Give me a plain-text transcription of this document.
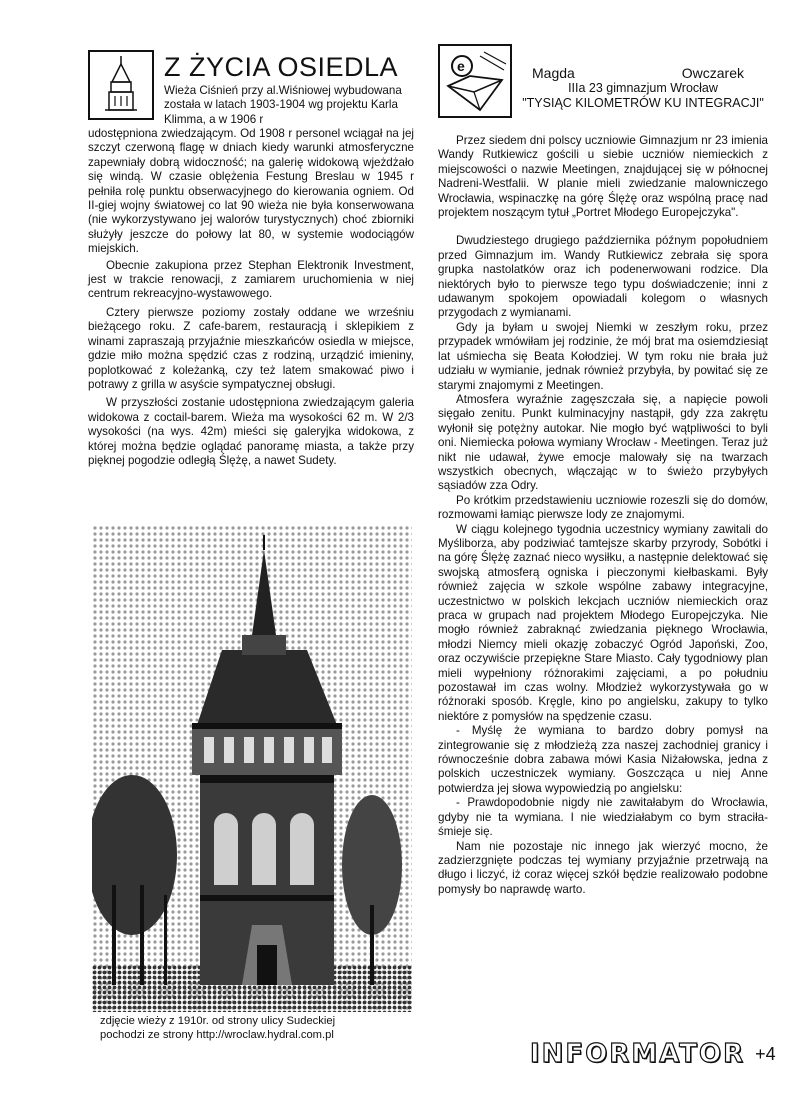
Z ŻYCIA OSIEDLA
Wieża Ciśnień przy al.Wiśniowej wybudowana została w latach 1903-1904 wg projektu Karla Klimma, a w 1906 r

udostępniona zwiedzającym. Od 1908 r personel wciągał na jej szczyt czerwoną flagę w dniach kiedy warunki atmosferyczne zapewniały dobrą widoczność; na galerię widokową wjeżdżało się windą. W czasie oblężenia Festung Breslau w 1945 r pełniła rolę punktu obserwacyjnego do kierowania ogniem. Od II-giej wojny światowej co lat 90 wieża nie była konserwowana (nie wykorzystywano jej walorów turystycznych) choć zbiorniki służyły jeszcze do połowy lat 80, w systemie wodociągów miejskich.

Obecnie zakupiona przez Stephan Elektronik Investment, jest w trakcie renowacji, z zamiarem uruchomienia w niej centrum rekreacyjno-wystawowego.

Cztery pierwsze poziomy zostały oddane we wrześniu bieżącego roku. Z cafe-barem, restauracją i sklepikiem z winami zapraszają przyjaźnie mieszkańców osiedla w miejsce, gdzie miło można spędzić czas z rodziną, urządzić imieniny, poplotkować z koleżanką, czy też latem smakować piwo i potrawy z grilla w asyście sympatycznej obsługi.

W przyszłości zostanie udostępniona zwiedzającym galeria widokowa z coctail-barem. Wieża ma wysokości 62 m. W 2/3 wysokości (na wys. 42m) mieści się galeryjka widokowa, z której można będzie oglądać panoramę miasta, a także przy pięknej pogodzie odległą Ślężę, a nawet Sudety.

zdjęcie wieży z 1910r. od strony ulicy Sudeckiej
pochodzi ze strony http://wroclaw.hydral.com.pl
e	Magda	Owczarek
IIIa 23 gimnazjum Wrocław
"TYSIĄC KILOMETRÓW KU INTEGRACJI"

Przez siedem dni polscy uczniowie Gimnazjum nr 23 imienia Wandy Rutkiewicz gościli u siebie uczniów niemieckich z miejscowości o nazwie Meetingen, znajdującej się w północnej Nadreni-Westfalii. W planie mieli zwiedzanie malowniczego Wrocławia, wspinaczkę na górę Ślężę oraz wspólną pracę nad projektem noszącym tytuł „Portret Młodego Europejczyka".

Dwudziestego drugiego października późnym popołudniem przed Gimnazjum im. Wandy Rutkiewicz zebrała się spora grupka nastolatków oraz ich podenerwowani rodzice. Dla niektórych było to pierwsze tego typu doświadczenie; inni z udawanym spokojem opowiadali kolegom o własnych przygodach z wymianami.

Gdy ja byłam u swojej Niemki w zeszłym roku, przez przypadek wmówiłam jej rodzinie, że mój brat ma osiemdziesiąt lat uśmiecha się Beata Kołodziej. W tym roku nie brała już udziału w wymianie, jednak również przybyła, by powitać się ze starymi znajomymi z Meetingen.

Atmosfera wyraźnie zagęszczała się, a napięcie powoli sięgało zenitu. Punkt kulminacyjny nastąpił, gdy zza zakrętu wyłonił się potężny autokar. Nie mogło być wątpliwości to byli oni. Niemiecka połowa wymiany Wrocław - Meetingen. Teraz już nikt nie udawał, żywe emocje malowały się na twarzach wszystkich obecnych, włączając w to świeżo przybyłych sąsiadów zza Odry.

Po krótkim przedstawieniu uczniowie rozeszli się do domów, rozmowami łamiąc pierwsze lody ze znajomymi.

W ciągu kolejnego tygodnia uczestnicy wymiany zawitali do Myśliborza, aby podziwiać tamtejsze skarby przyrody, Sobótki i na górę Ślężę zaznać nieco wysiłku, a następnie delektować się swojską atmosferą ogniska i pieczonymi kiełbaskami. Były również zajęcia w szkole wspólne zabawy integracyjne, uczestnictwo w polskich lekcjach uczniów niemieckich oraz praca w grupach nad projektem Młodego Europejczyka. Nie mogło również zabraknąć zwiedzania pięknego Wrocławia, młodzi Niemcy mieli okazję zobaczyć Ogród Japoński, Zoo, oraz oczywiście przepiękne Stare Miasto. Cały tygodniowy plan mieli wypełniony różnorakimi zajęciami, a po południu pozostawał im czas wolny. Młodzież wykorzystywała go w różnoraki sposób. Kręgle, kino po angielsku, zakupy to tylko niektóre z pomysłów na spędzenie czasu.

- Myślę że wymiana to bardzo dobry pomysł na zintegrowanie się z młodzieżą zza naszej zachodniej granicy i równocześnie dobra zabawa mówi Kasia Niżałowska, jedna z polskich uczestniczek wymiany. Goszcząca u niej Anne potwierdza jej słowa wypowiedzią po angielsku:

- Prawdopodobnie nigdy nie zawitałabym do Wrocławia, gdyby nie ta wymiana. I nie wiedziałabym co bym straciła- śmieje się.

Nam nie pozostaje nic innego jak wierzyć mocno, że zadzierzgnięte podczas tej wymiany przyjaźnie przetrwają na długo i liczyć, iż coraz więcej szkół będzie realizowało podobne pomysły bo naprawdę warto.

INFORMATOR +4
